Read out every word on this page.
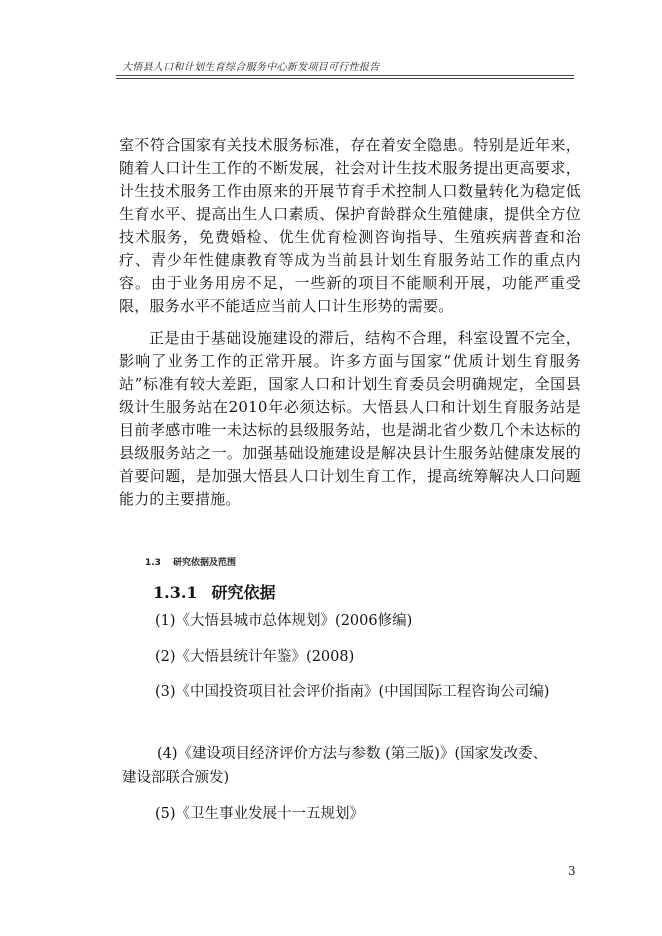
大悟县人口和计划生育综合服务中心新发项目可行性报告

室不符合国家有关技术服务标准，存在着安全隐患。特别是近年来，随着人口计生工作的不断发展，社会对计生技术服务提出更高要求，计生技术服务工作由原来的开展节育手术控制人口数量转化为稳定低生育水平、提高出生人口素质、保护育龄群众生殖健康，提供全方位技术服务，免费婚检、优生优育检测咨询指导、生殖疾病普查和治疗、青少年性健康教育等成为当前县计划生育服务站工作的重点内容。由于业务用房不足，一些新的项目不能顺利开展，功能严重受限，服务水平不能适应当前人口计生形势的需要。

正是由于基础设施建设的滞后，结构不合理，科室设置不完全，影响了业务工作的正常开展。许多方面与国家“优质计划生育服务站”标准有较大差距，国家人口和计划生育委员会明确规定，全国县级计生服务站在2010年必须达标。大悟县人口和计划生育服务站是目前孝感市唯一未达标的县级服务站，也是湖北省少数几个未达标的县级服务站之一。加强基础设施建设是解决县计生服务站健康发展的首要问题，是加强大悟县人口计划生育工作，提高统筹解决人口问题能力的主要措施。

1.3 研究依据及范围
1.3.1 研究依据

(1)《大悟县城市总体规划》(2006修编)

(2)《大悟县统计年鉴》(2008)

(3)《中国投资项目社会评价指南》(中国国际工程咨询公司编)

(4)《建设项目经济评价方法与参数 (第三版)》(国家发改委、
建设部联合颁发)

(5)《卫生事业发展十一五规划》

3
